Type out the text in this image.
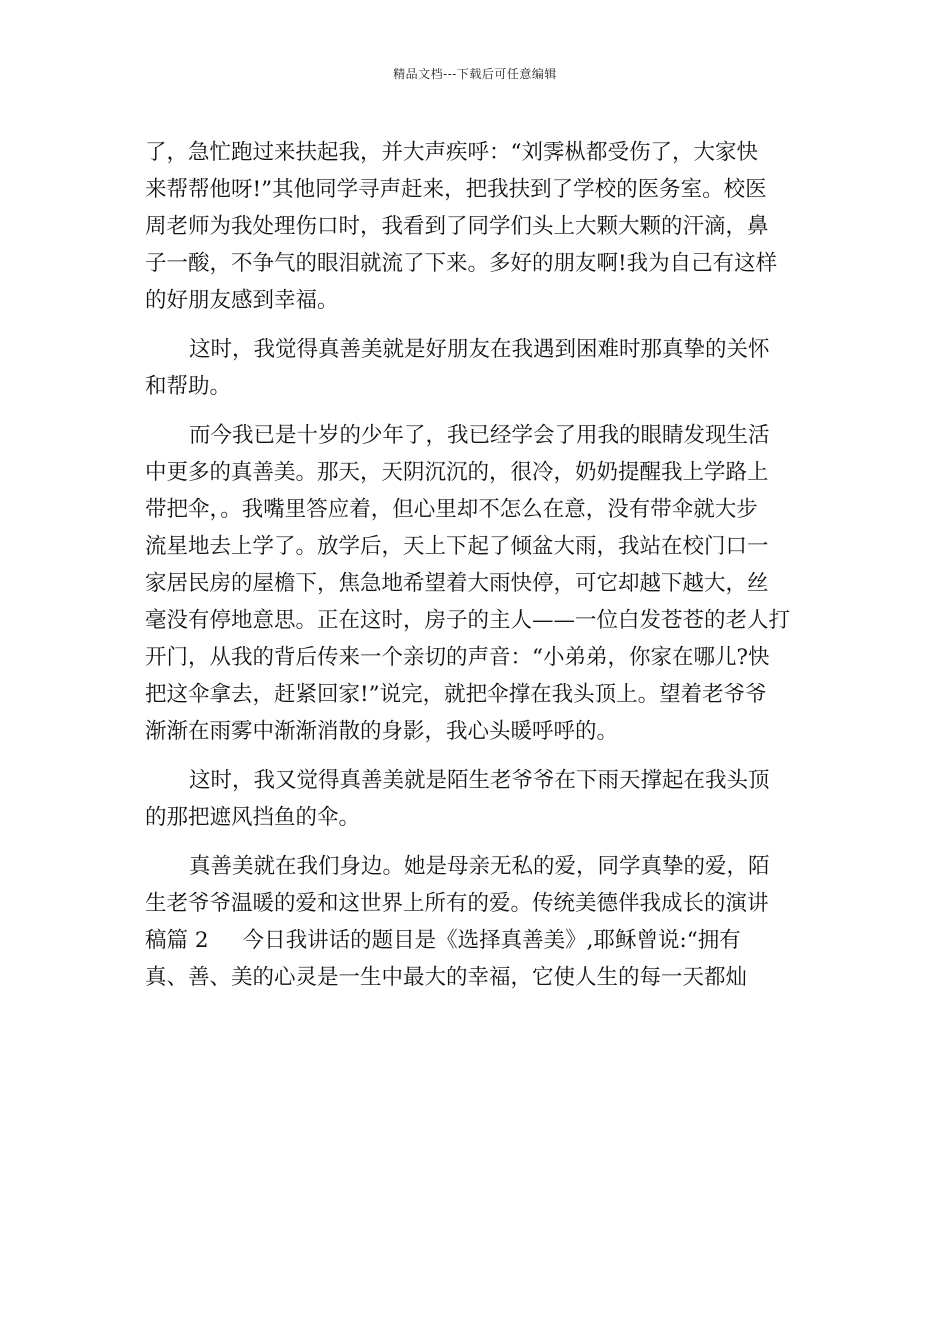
精品文档---下载后可任意编辑
了，急忙跑过来扶起我，并大声疾呼：“刘霁枞都受伤了，大家快
来帮帮他呀!”其他同学寻声赶来，把我扶到了学校的医务室。校医
周老师为我处理伤口时，我看到了同学们头上大颗大颗的汗滴，鼻
子一酸，不争气的眼泪就流了下来。多好的朋友啊!我为自己有这样
的好朋友感到幸福。
这时，我觉得真善美就是好朋友在我遇到困难时那真挚的关怀
和帮助。
而今我已是十岁的少年了，我已经学会了用我的眼睛发现生活
中更多的真善美。那天，天阴沉沉的，很冷，奶奶提醒我上学路上
带把伞，。我嘴里答应着，但心里却不怎么在意，没有带伞就大步
流星地去上学了。放学后，天上下起了倾盆大雨，我站在校门口一
家居民房的屋檐下，焦急地希望着大雨快停，可它却越下越大，丝
毫没有停地意思。正在这时，房子的主人——一位白发苍苍的老人打
开门，从我的背后传来一个亲切的声音：“小弟弟，你家在哪儿?快
把这伞拿去，赶紧回家!”说完，就把伞撑在我头顶上。望着老爷爷
渐渐在雨雾中渐渐消散的身影，我心头暖呼呼的。
这时，我又觉得真善美就是陌生老爷爷在下雨天撑起在我头顶
的那把遮风挡鱼的伞。
真善美就在我们身边。她是母亲无私的爱，同学真挚的爱，陌
生老爷爷温暖的爱和这世界上所有的爱。传统美德伴我成长的演讲
稿篇 2     今日我讲话的题目是《选择真善美》,耶稣曾说:“拥有
真、善、美的心灵是一生中最大的幸福，它使人生的每一天都灿
